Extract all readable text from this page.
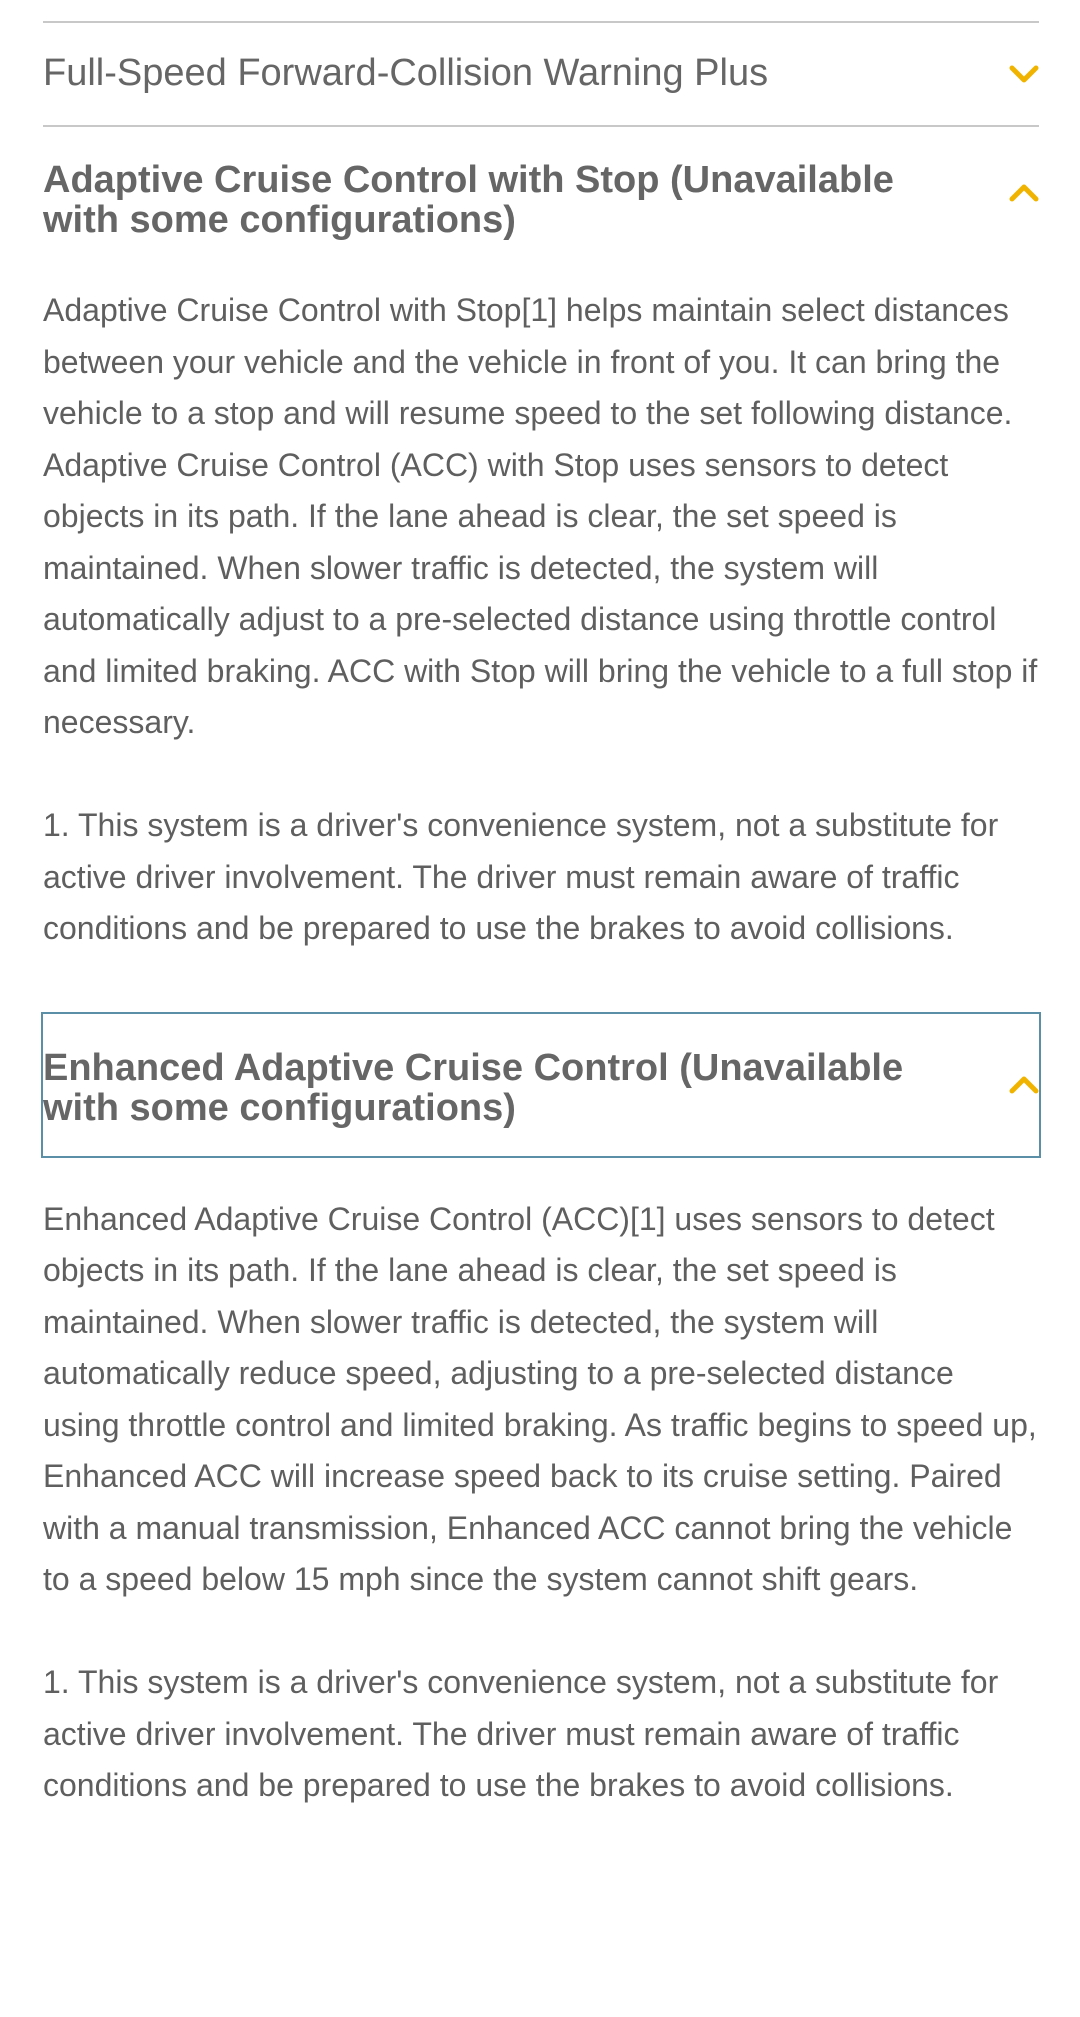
Full-Speed Forward-Collision Warning Plus
Adaptive Cruise Control with Stop (Unavailable with some configurations)

Adaptive Cruise Control with Stop[1] helps maintain select distances between your vehicle and the vehicle in front of you. It can bring the vehicle to a stop and will resume speed to the set following distance. Adaptive Cruise Control (ACC) with Stop uses sensors to detect objects in its path. If the lane ahead is clear, the set speed is maintained. When slower traffic is detected, the system will automatically adjust to a pre-selected distance using throttle control and limited braking. ACC with Stop will bring the vehicle to a full stop if necessary.

1. This system is a driver's convenience system, not a substitute for active driver involvement. The driver must remain aware of traffic conditions and be prepared to use the brakes to avoid collisions.

Enhanced Adaptive Cruise Control (Unavailable with some configurations)

Enhanced Adaptive Cruise Control (ACC)[1] uses sensors to detect objects in its path. If the lane ahead is clear, the set speed is maintained. When slower traffic is detected, the system will automatically reduce speed, adjusting to a pre-selected distance using throttle control and limited braking. As traffic begins to speed up, Enhanced ACC will increase speed back to its cruise setting. Paired with a manual transmission, Enhanced ACC cannot bring the vehicle to a speed below 15 mph since the system cannot shift gears.

1. This system is a driver's convenience system, not a substitute for active driver involvement. The driver must remain aware of traffic conditions and be prepared to use the brakes to avoid collisions.
